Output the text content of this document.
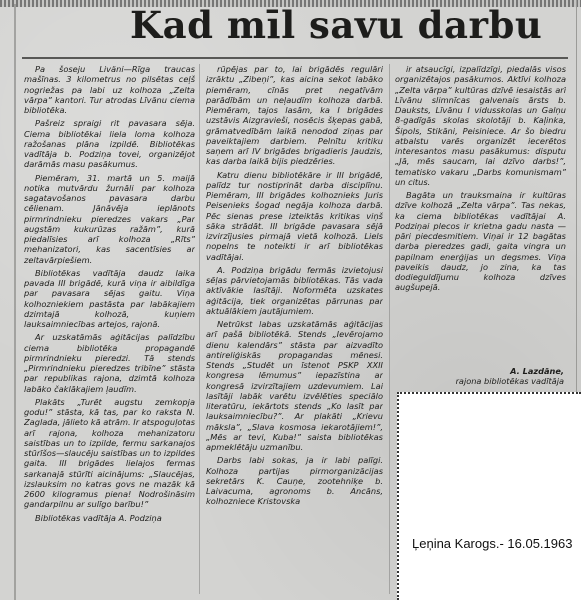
Kad mīl savu darbu

Pa šoseju Liväni—Rīga traucas mašīnas. 3 kilometrus no pilsētas ceļš nogriežas pa labi uz kolhoza „Zelta vārpa” kantori. Tur atrodas Līvānu ciema bibliotēka.

Pašreiz spraigi rit pavasara sēja. Ciema bibliotēkai liela loma kolhoza ražošanas plāna izpildē. Bibliotēkas vadītāja b. Podziņa tovei, organizējot darāmās masu pasākumus.

Piemēram, 31. martā un 5. maijā notika mutvārdu žurnāli par kolhoza sagatavošanos pavasara darbu cēlienam. Jānāvēja ieplānots pirmrindnieku pieredzes vakars „Par augstām kukurūzas ražām”, kurā piedalīsies arī kolhoza „Rīts” mehanizatori, kas sacentīsies ar zeltavārpiešiem.

Bibliotēkas vadītāja daudz laika pavada III brigādē, kurā viņa ir aibildīga par pavasara sējas gaitu. Viņa kolhozniekiem pastāsta par labākajiem dzimtajā kolhozā, kuņiem lauksaimniecības artejos, rajonā.

Ar uzskatāmās aģitācijas palīdzību ciema bibliotēka propagandē pirmrindnieku pieredzi. Tā stends „Pirmrindnieku pieredzes tribīne” stāsta par republikas rajona, dzimtā kolhoza labāko čaklākajiem ļaudīm.

Plakāts „Turēt augstu zemkopja godu!” stāsta, kā tas, par ko raksta N. Zaglada, jālieto kā atrām. Ir atspoguļotas arī rajona, kolhoza mehanizatoru saistības un to izpilde, fermu sarkanajos stūrīšos—slaucēju saistības un to izpildes gaita. III brigādes lielajos fermas sarkanajā stūrīti aicinājums: „Slaucējas, izslauksim no katras govs ne mazāk kā 2600 kilogramus piena! Nodrošināsim gandarpilnu ar sulīgo barību!”

Bibliotēkas vadītāja A. Podziņa

rūpējas par to, lai brigādēs regulāri izrāktu „Zibeņi”, kas aicina sekot labāko piemēram, cīnās pret negatīvām parādībām un neļaudīm kolhoza darbā. Piemēram, tajos lasām, ka I brigādes uzstāvis Aizgravieši, nosēcis šķepas gabā, grāmatvedībām laikā nenodod ziņas par paveiktajiem darbiem. Pelnītu kritiku saņem arī IV brigādes brigadieris Jaudzis, kas darba laikā bijis piedzēries.

Katru dienu bibliotēkāre ir III brigādē, palīdz tur nostiprināt darba disciplīnu. Piemēram, III brigādes kolhoznieks Juris Peisenieks šogad negāja kolhoza darbā. Pēc sienas prese izteiktās kritikas viņš sāka strādāt. III brigāde pavasara sējā izvirzījusies pirmajā vietā kolhozā. Liels nopelns te noteikti ir arī bibliotēkas vadītājai.

A. Podziņa brigādu fermās izvietojusi sēļas pārvietojamās bibliotēkas. Tās vada aktīvākie lasītāji. Noformēta uzskates aģitācija, tiek organizētas pārrunas par aktuālākiem jautājumiem.

Netrūkst labas uzskatāmās aģitācijas arī pašā bibliotēkā. Stends „Ievērojamo dienu kalendārs” stāsta par aizvadīto antireliģiskās propagandas mēnesi. Stends „Studēt un īstenot PSKP XXII kongresa lēmumus” iepazīstina ar kongresā izvirzītajiem uzdevumiem. Lai lasītāji labāk varētu izvēlēties speciālo literatūru, iekārtots stends „Ko lasīt par lauksaimniecību?”. Ar plakāti „Krievu māksla”, „Slava kosmosa iekarotājiem!”, „Mēs ar tevi, Kuba!” saista bibliotēkas apmeklētāju uzmanību.

Darbs labi sokas, ja ir labi palīgi. Kolhoza partijas pirmorganizācijas sekretārs K. Cauņe, zootehniķe b. Laivacuma, agronoms b. Ancāns, kolhozniece Kristovska

ir atsaucīgi, izpalīdzīgi, piedalās visos organizētajos pasākumos. Aktīvi kolhoza „Zelta vārpa” kultūras dzīvē iesaistās arī Līvānu slimnīcas galvenais ārsts b. Dauksts, Līvānu I vidusskolas un Galņu 8-gadīgās skolas skolotāji b. Kaļinka, Šipols, Stikāni, Peisiniece. Ar šo biedru atbalstu varēs organizēt iecerētos interesantos masu pasākumus: disputu „Jā, mēs saucam, lai dzīvo darbs!”, tematisko vakaru „Darbs komunismam” un citus.

Bagāta un trauksmaina ir kultūras dzīve kolhozā „Zelta vārpa”. Tas nekas, ka ciema bibliotēkas vadītājai A. Podziņai plecos ir krietna gadu nasta — pāri piecdesmitiem. Viņai ir 12 bagātas darba pieredzes gadi, gaita vingra un papilnam enerģijas un degsmes. Viņa paveikis daudz, jo zina, ka tas dodieguldījumu kolhoza dzīves augšupejā.

A. Lazdāne,
rajona bibliotēkas vadītāja
Ļeņina Karogs.- 16.05.1963
